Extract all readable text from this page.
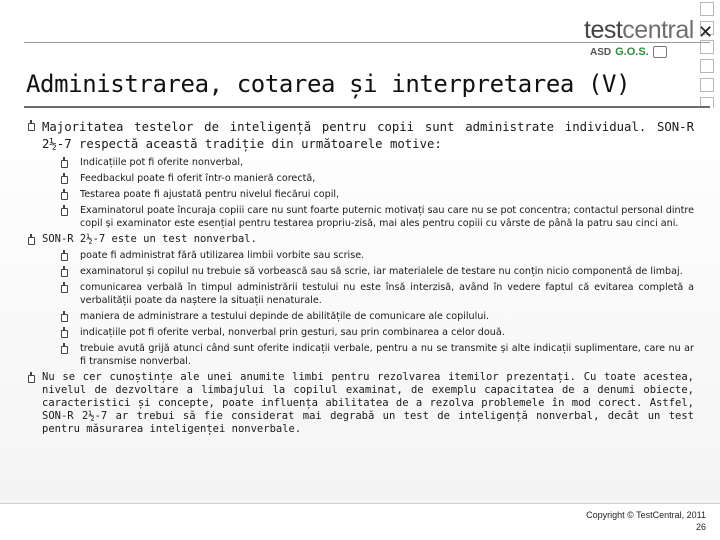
testcentral
ASD G.O.S.
✕
Administrarea, cotarea și interpretarea (V)
Majoritatea testelor de inteligență pentru copii sunt administrate individual. SON-R 2½-7 respectă această tradiție din următoarele motive:
Indicațiile pot fi oferite nonverbal,
Feedbackul poate fi oferit într-o manieră corectă,
Testarea poate fi ajustată pentru nivelul fiecărui copil,
Examinatorul poate încuraja copiii care nu sunt foarte puternic motivați sau care nu se pot concentra; contactul personal dintre copil și examinator este esențial pentru testarea propriu-zisă, mai ales pentru copiii cu vârste de până la patru sau cinci ani.
SON-R 2½-7 este un test nonverbal.
poate fi administrat fără utilizarea limbii vorbite sau scrise.
examinatorul și copilul nu trebuie să vorbească sau să scrie, iar materialele de testare nu conțin nicio componentă de limbaj.
comunicarea verbală în timpul administrării testului nu este însă interzisă, având în vedere faptul că evitarea completă a verbalității poate da naștere la situații nenaturale.
maniera de administrare a testului depinde de abilitățile de comunicare ale copilului.
indicațiile pot fi oferite verbal, nonverbal prin gesturi, sau prin combinarea a celor două.
trebuie avută grijă atunci când sunt oferite indicații verbale, pentru a nu se transmite și alte indicații suplimentare, care nu ar fi transmise nonverbal.
Nu se cer cunoștințe ale unei anumite limbi pentru rezolvarea itemilor prezentați. Cu toate acestea, nivelul de dezvoltare a limbajului la copilul examinat, de exemplu capacitatea de a denumi obiecte, caracteristici și concepte, poate influența abilitatea de a rezolva problemele în mod corect. Astfel, SON-R 2½-7 ar trebui să fie considerat mai degrabă un test de inteligență nonverbal, decât un test pentru măsurarea inteligenței nonverbale.
Copyright © TestCentral, 2011
26
